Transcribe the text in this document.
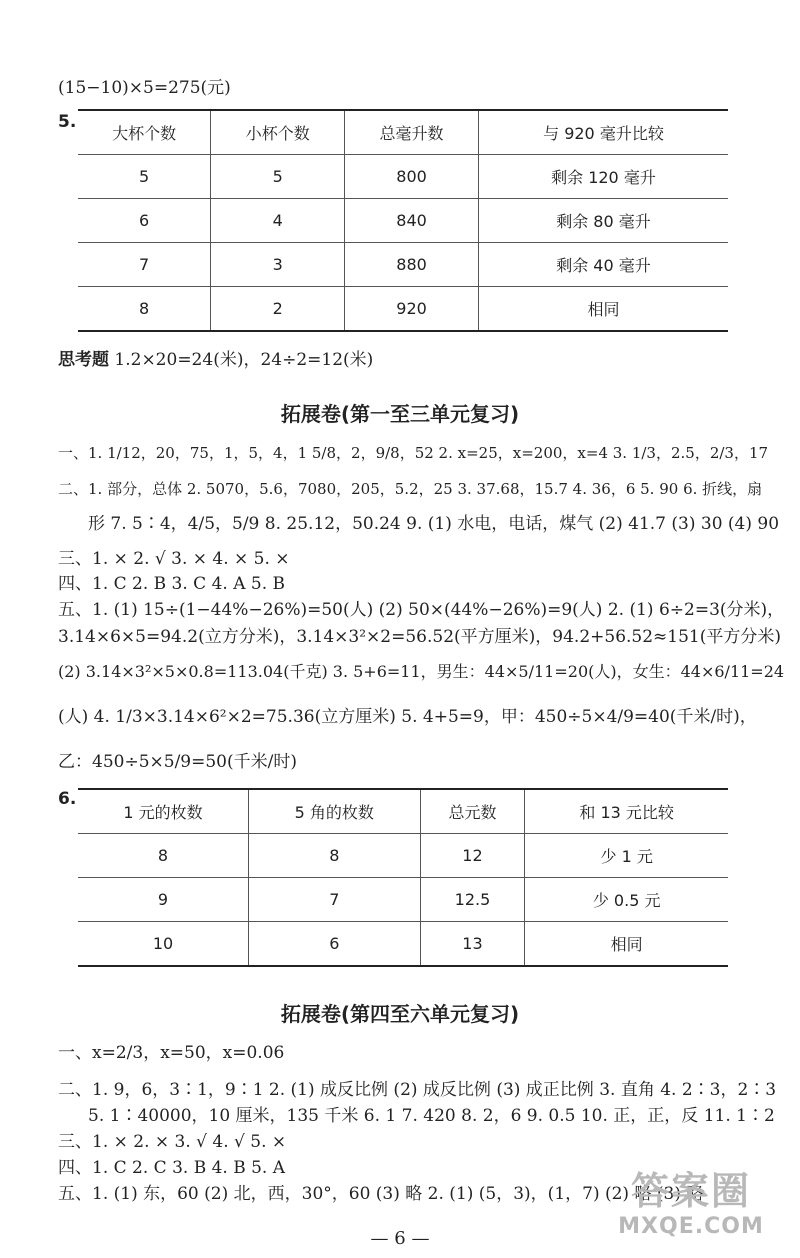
(15−10)×5=275(元)
5.
大杯个数	小杯个数	总毫升数	与 920 毫升比较
5	5	800	剩余 120 毫升
6	4	840	剩余 80 毫升
7	3	880	剩余 40 毫升
8	2	920	相同
思考题 1.2×20=24(米)，24÷2=12(米)
拓展卷(第一至三单元复习)
一、1. 1/12，20，75，1，5，4，1 5/8，2，9/8，52 2. x=25，x=200，x=4 3. 1/3，2.5，2/3，17
二、1. 部分，总体 2. 5070，5.6，7080，205，5.2，25 3. 37.68，15.7 4. 36，6 5. 90 6. 折线，扇
形 7. 5∶4，4/5，5/9 8. 25.12，50.24 9. (1) 水电，电话，煤气 (2) 41.7 (3) 30 (4) 90
三、1. × 2. √ 3. × 4. × 5. ×
四、1. C 2. B 3. C 4. A 5. B
五、1. (1) 15÷(1−44%−26%)=50(人) (2) 50×(44%−26%)=9(人) 2. (1) 6÷2=3(分米)，
3.14×6×5=94.2(立方分米)，3.14×3²×2=56.52(平方厘米)，94.2+56.52≈151(平方分米)
(2) 3.14×3²×5×0.8=113.04(千克) 3. 5+6=11，男生：44×5/11=20(人)，女生：44×6/11=24
(人) 4. 1/3×3.14×6²×2=75.36(立方厘米) 5. 4+5=9，甲：450÷5×4/9=40(千米/时)，
乙：450÷5×5/9=50(千米/时)
6.
1 元的枚数	5 角的枚数	总元数	和 13 元比较
8	8	12	少 1 元
9	7	12.5	少 0.5 元
10	6	13	相同
拓展卷(第四至六单元复习)
一、x=2/3，x=50，x=0.06
二、1. 9，6，3∶1，9∶1 2. (1) 成反比例 (2) 成反比例 (3) 成正比例 3. 直角 4. 2∶3，2∶3
5. 1∶40000，10 厘米，135 千米 6. 1 7. 420 8. 2，6 9. 0.5 10. 正，正，反 11. 1∶2
三、1. × 2. × 3. √ 4. √ 5. ×
四、1. C 2. C 3. B 4. B 5. A
五、1. (1) 东，60 (2) 北，西，30°，60 (3) 略 2. (1) (5，3)，(1，7) (2) 略 (3) 略
— 6 —
答案圈
MXQE.COM
